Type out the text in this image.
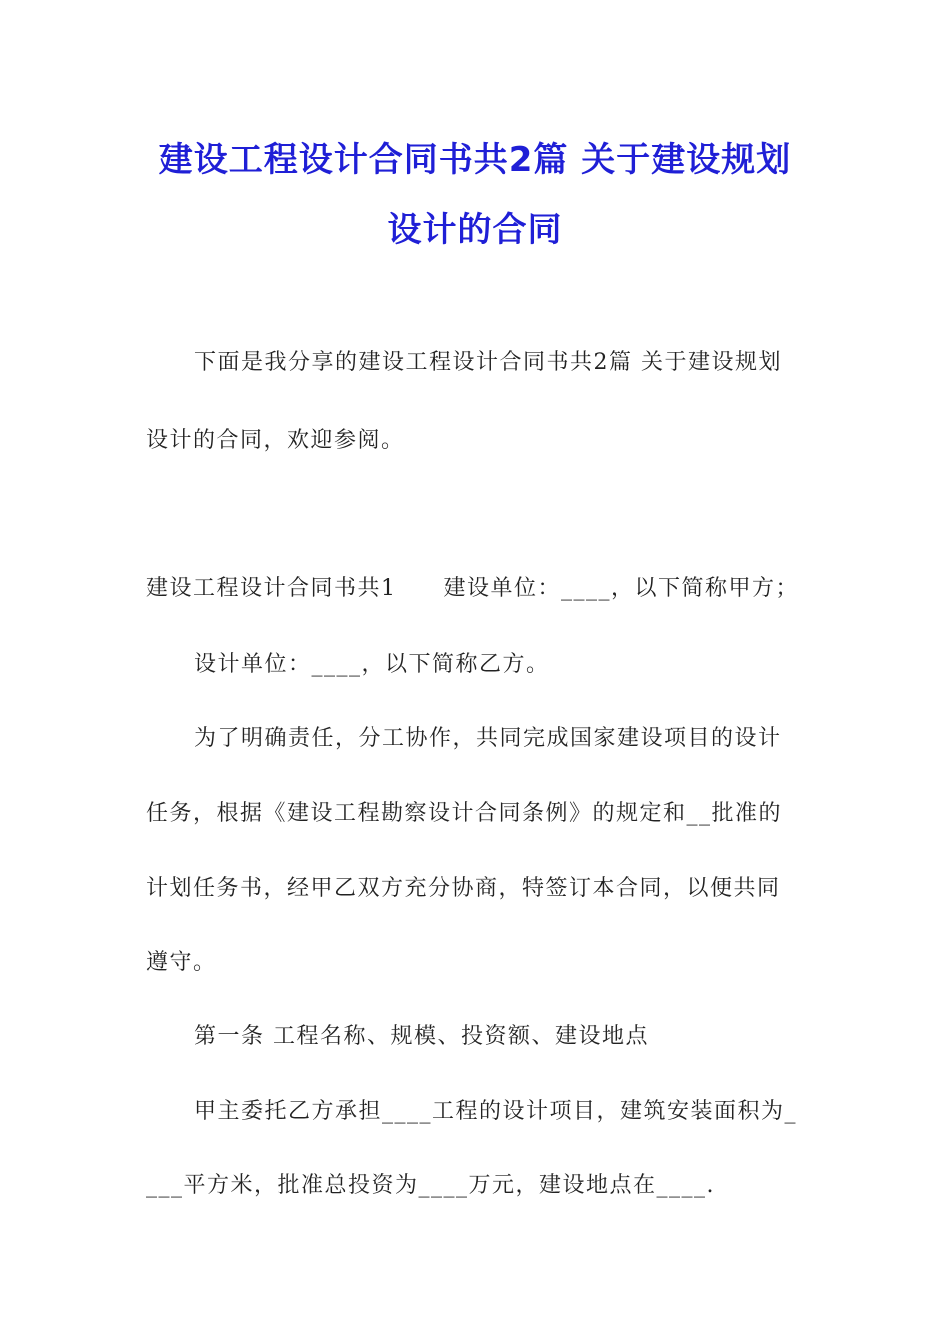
建设工程设计合同书共2篇 关于建设规划
设计的合同
下面是我分享的建设工程设计合同书共2篇 关于建设规划
设计的合同，欢迎参阅。
建设工程设计合同书共1　　建设单位：____，以下简称甲方；
设计单位：____，以下简称乙方。
为了明确责任，分工协作，共同完成国家建设项目的设计
任务，根据《建设工程勘察设计合同条例》的规定和__批准的
计划任务书，经甲乙双方充分协商，特签订本合同，以便共同
遵守。
第一条 工程名称、规模、投资额、建设地点
甲主委托乙方承担____工程的设计项目，建筑安装面积为_
___平方米，批准总投资为____万元，建设地点在____.
